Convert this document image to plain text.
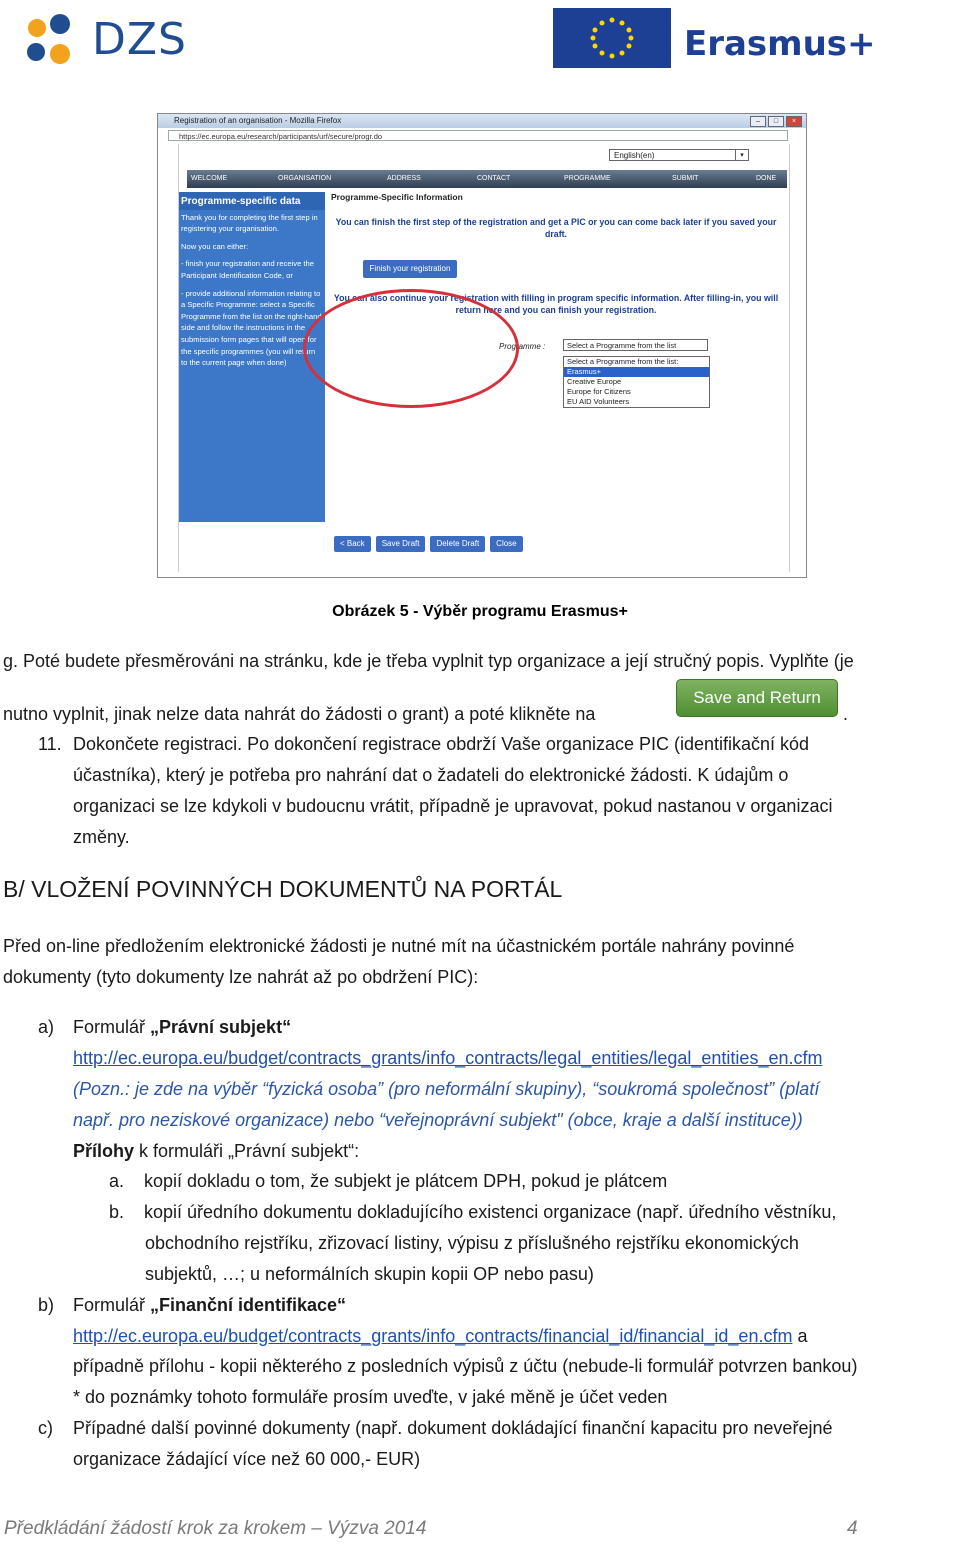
DZS	Erasmus+
Registration of an organisation - Mozilla Firefox	–	□	×
https://ec.europa.eu/research/participants/urf/secure/progr.do
English(en)	▾
WELCOME	ORGANISATION	ADDRESS	CONTACT	PROGRAMME	SUBMIT	DONE
Programme-specific data

Thank you for completing the first step in registering your organisation.

Now you can either:

- finish your registration and receive the Participant Identification Code, or

- provide additional information relating to a Specific Programme: select a Specific Programme from the list on the right-hand side and follow the instructions in the submission form pages that will open for the specific programmes (you will return to the current page when done)

Programme-Specific Information
You can finish the first step of the registration and get a PIC or you can come back later if you saved your draft.
You can also continue your registration with filling in program specific information. After filling-in, you will return here and you can finish your registration.
Finish your registration
Programme :	Select a Programme from the list
Select a Programme from the list:
Erasmus+
Creative Europe
Europe for Citizens
EU AID Volunteers
< Back	Save Draft	Delete Draft	Close
Obrázek 5 - Výběr programu Erasmus+
g. Poté budete přesměrováni na stránku, kde je třeba vyplnit typ organizace a její stručný popis. Vyplňte (je
nutno vyplnit, jinak nelze data nahrát do žádosti o grant) a poté klikněte na
Save and Return
.
11. Dokončete registraci. Po dokončení registrace obdrží Vaše organizace PIC (identifikační kód
účastníka), který je potřeba pro nahrání dat o žadateli do elektronické žádosti. K údajům o
organizaci se lze kdykoli v budoucnu vrátit, případně je upravovat, pokud nastanou v organizaci
změny.
B/ VLOŽENÍ POVINNÝCH DOKUMENTŮ NA PORTÁL
Před on-line předložením elektronické žádosti je nutné mít na účastnickém portále nahrány povinné
dokumenty (tyto dokumenty lze nahrát až po obdržení PIC):
a) Formulář „Právní subjekt“
http://ec.europa.eu/budget/contracts_grants/info_contracts/legal_entities/legal_entities_en.cfm
(Pozn.: je zde na výběr “fyzická osoba” (pro neformální skupiny), “soukromá společnost” (platí
např. pro neziskové organizace) nebo “veřejnoprávní subjekt" (obce, kraje a další instituce))
Přílohy k formuláři „Právní subjekt“:
a. kopií dokladu o tom, že subjekt je plátcem DPH, pokud je plátcem
b. kopií úředního dokumentu dokladujícího existenci organizace (např. úředního věstníku,
obchodního rejstříku, zřizovací listiny, výpisu z příslušného rejstříku ekonomických
subjektů, …; u neformálních skupin kopii OP nebo pasu)
b) Formulář „Finanční identifikace“
http://ec.europa.eu/budget/contracts_grants/info_contracts/financial_id/financial_id_en.cfm a
případně přílohu - kopii některého z posledních výpisů z účtu (nebude-li formulář potvrzen bankou)
* do poznámky tohoto formuláře prosím uveďte, v jaké měně je účet veden
c) Případné další povinné dokumenty (např. dokument dokládající finanční kapacitu pro neveřejné
organizace žádající více než 60 000,- EUR)
Předkládání žádostí krok za krokem – Výzva 2014	4
